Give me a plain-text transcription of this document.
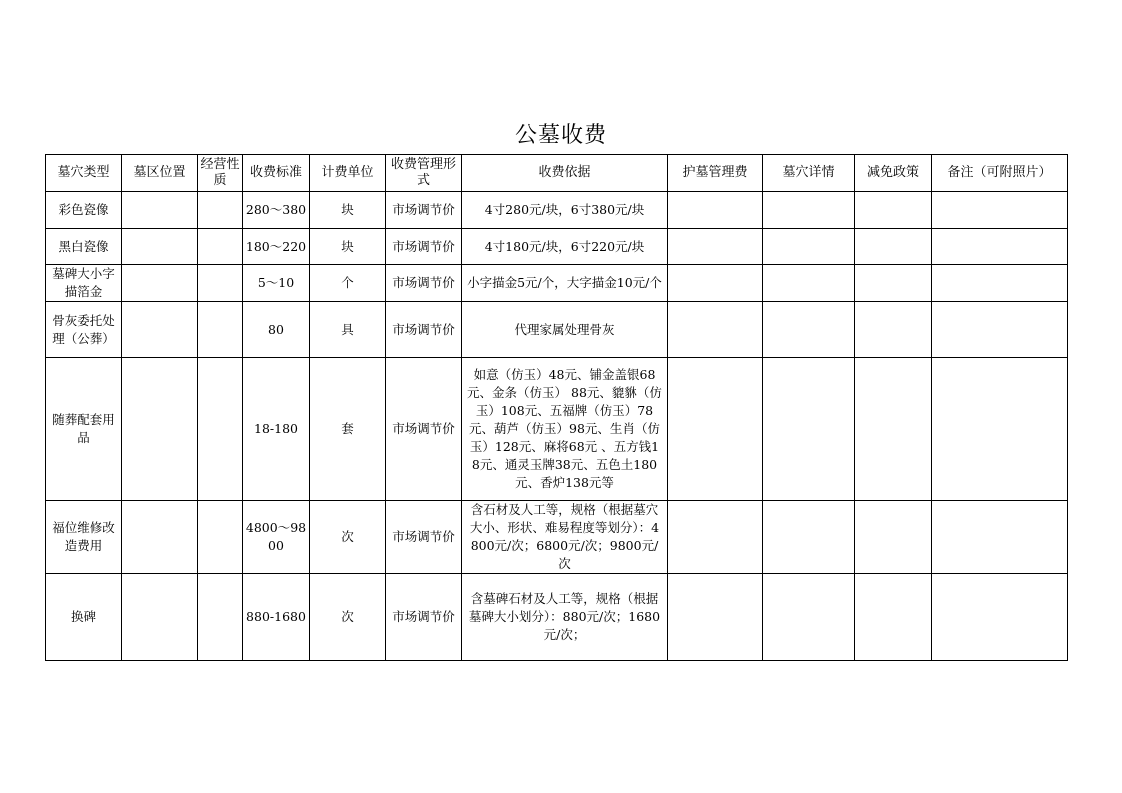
公墓收费
墓穴类型	墓区位置	经营性质	收费标准	计费单位	收费管理形式	收费依据	护墓管理费	墓穴详情	减免政策	备注（可附照片）
彩色瓷像			280～380	块	市场调节价	4寸280元/块，6寸380元/块				
黑白瓷像			180～220	块	市场调节价	4寸180元/块，6寸220元/块				
墓碑大小字描箔金			5～10	个	市场调节价	小字描金5元/个，大字描金10元/个				
骨灰委托处理（公葬）			80	具	市场调节价	代理家属处理骨灰				
随葬配套用品			18-180	套	市场调节价	如意（仿玉）48元、铺金盖银68元、金条（仿玉） 88元、貔貅（仿玉）108元、五福牌（仿玉）78元、葫芦（仿玉）98元、生肖（仿玉）128元、麻将68元 、五方钱18元、通灵玉牌38元、五色土180元、香炉138元等				
福位维修改造费用			4800～9800	次	市场调节价	含石材及人工等，规格（根据墓穴大小、形状、难易程度等划分）：4800元/次；6800元/次；9800元/次				
换碑			880-1680	次	市场调节价	含墓碑石材及人工等，规格（根据墓碑大小划分）：880元/次；1680元/次；				
